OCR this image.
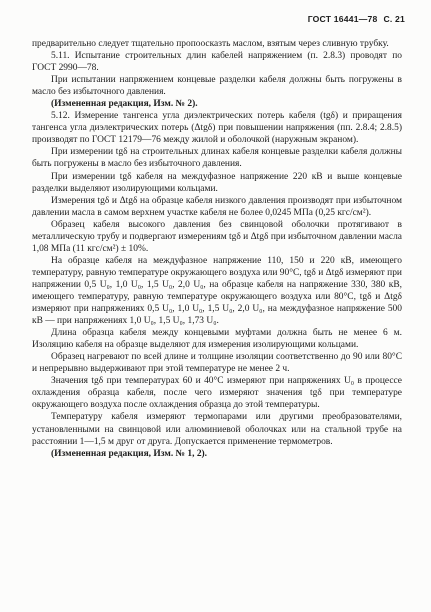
ГОСТ 16441—78 С. 21

предварительно следует тщательно пропоосказть маслом, взятым через сливную трубку.

5.11. Испытание строительных длин кабелей напряжением (п. 2.8.3) проводят по ГОСТ 2990—78.

При испытании напряжением концевые разделки кабеля должны быть погружены в масло без избыточного давления.

(Измененная редакция, Изм. № 2).

5.12. Измерение тангенса угла диэлектрических потерь кабеля (tgδ) и приращения тангенса угла диэлектрических потерь (Δtgδ) при повышении напряжения (пп. 2.8.4; 2.8.5) производят по ГОСТ 12179—76 между жилой и оболочкой (наружным экраном).

При измерении tgδ на строительных длинах кабеля концевые разделки кабеля должны быть погружены в масло без избыточного давления.

При измерении tgδ кабеля на междуфазное напряжение 220 кВ и выше концевые разделки выделяют изолирующими кольцами.

Измерения tgδ и Δtgδ на образце кабеля низкого давления производят при избыточном давлении масла в самом верхнем участке кабеля не более 0,0245 МПа (0,25 кгс/см²).

Образец кабеля высокого давления без свинцовой оболочки протягивают в металлическую трубу и подвергают измерениям tgδ и Δtgδ при избыточном давлении масла 1,08 МПа (11 кгс/см²) ± 10%.

На образце кабеля на междуфазное напряжение 110, 150 и 220 кВ, имеющего температуру, равную температуре окружающего воздуха или 90°С, tgδ и Δtgδ измеряют при напряжении 0,5 U₀, 1,0 U₀, 1,5 U₀, 2,0 U₀, на образце кабеля на напряжение 330, 380 кВ, имеющего температуру, равную температуре окружающего воздуха или 80°С, tgδ и Δtgδ измеряют при напряжениях 0,5 U₀, 1,0 U₀, 1,5 U₀, 2,0 U₀, на междуфазное напряжение 500 кВ — при напряжениях 1,0 U₀, 1,5 U₀, 1,73 U₀.

Длина образца кабеля между концевыми муфтами должна быть не менее 6 м. Изоляцию кабеля на образце выделяют для измерения изолирующими кольцами.

Образец нагревают по всей длине и толщине изоляции соответственно до 90 или 80°С и непрерывно выдерживают при этой температуре не менее 2 ч.

Значения tgδ при температурах 60 и 40°С измеряют при напряжениях U₀ в процессе охлаждения образца кабеля, после чего измеряют значения tgδ при температуре окружающего воздуха после охлаждения образца до этой температуры.

Температуру кабеля измеряют термопарами или другими преобразователями, установленными на свинцовой или алюминиевой оболочках или на стальной трубе на расстоянии 1—1,5 м друг от друга. Допускается применение термометров.

(Измененная редакция, Изм. № 1, 2).
